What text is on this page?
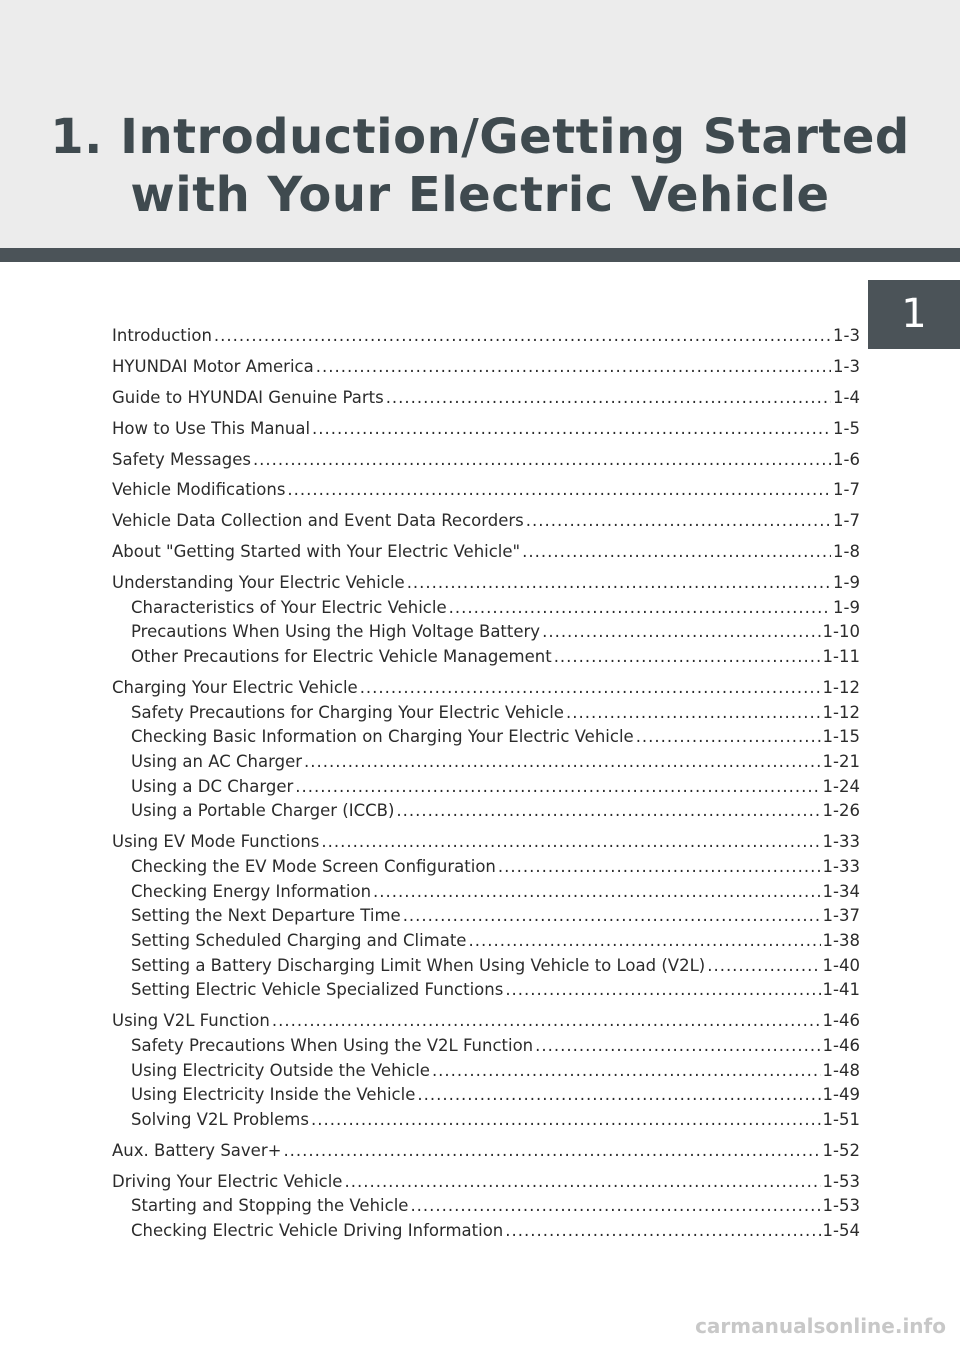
1. Introduction/Getting Started
with Your Electric Vehicle
1
Introduction .....	1-3
HYUNDAI Motor America .....	1-3
Guide to HYUNDAI Genuine Parts .....	1-4
How to Use This Manual .....	1-5
Safety Messages .....	1-6
Vehicle Modifications .....	1-7
Vehicle Data Collection and Event Data Recorders .....	1-7
About "Getting Started with Your Electric Vehicle" .....	1-8
Understanding Your Electric Vehicle .....	1-9
Characteristics of Your Electric Vehicle .....	1-9
Precautions When Using the High Voltage Battery .....	1-10
Other Precautions for Electric Vehicle Management .....	1-11
Charging Your Electric Vehicle .....	1-12
Safety Precautions for Charging Your Electric Vehicle .....	1-12
Checking Basic Information on Charging Your Electric Vehicle .....	1-15
Using an AC Charger .....	1-21
Using a DC Charger .....	1-24
Using a Portable Charger (ICCB) .....	1-26
Using EV Mode Functions .....	1-33
Checking the EV Mode Screen Configuration .....	1-33
Checking Energy Information .....	1-34
Setting the Next Departure Time .....	1-37
Setting Scheduled Charging and Climate .....	1-38
Setting a Battery Discharging Limit When Using Vehicle to Load (V2L) .....	1-40
Setting Electric Vehicle Specialized Functions .....	1-41
Using V2L Function .....	1-46
Safety Precautions When Using the V2L Function .....	1-46
Using Electricity Outside the Vehicle .....	1-48
Using Electricity Inside the Vehicle .....	1-49
Solving V2L Problems .....	1-51
Aux. Battery Saver+ .....	1-52
Driving Your Electric Vehicle .....	1-53
Starting and Stopping the Vehicle .....	1-53
Checking Electric Vehicle Driving Information .....	1-54
carmanualsonline.info
